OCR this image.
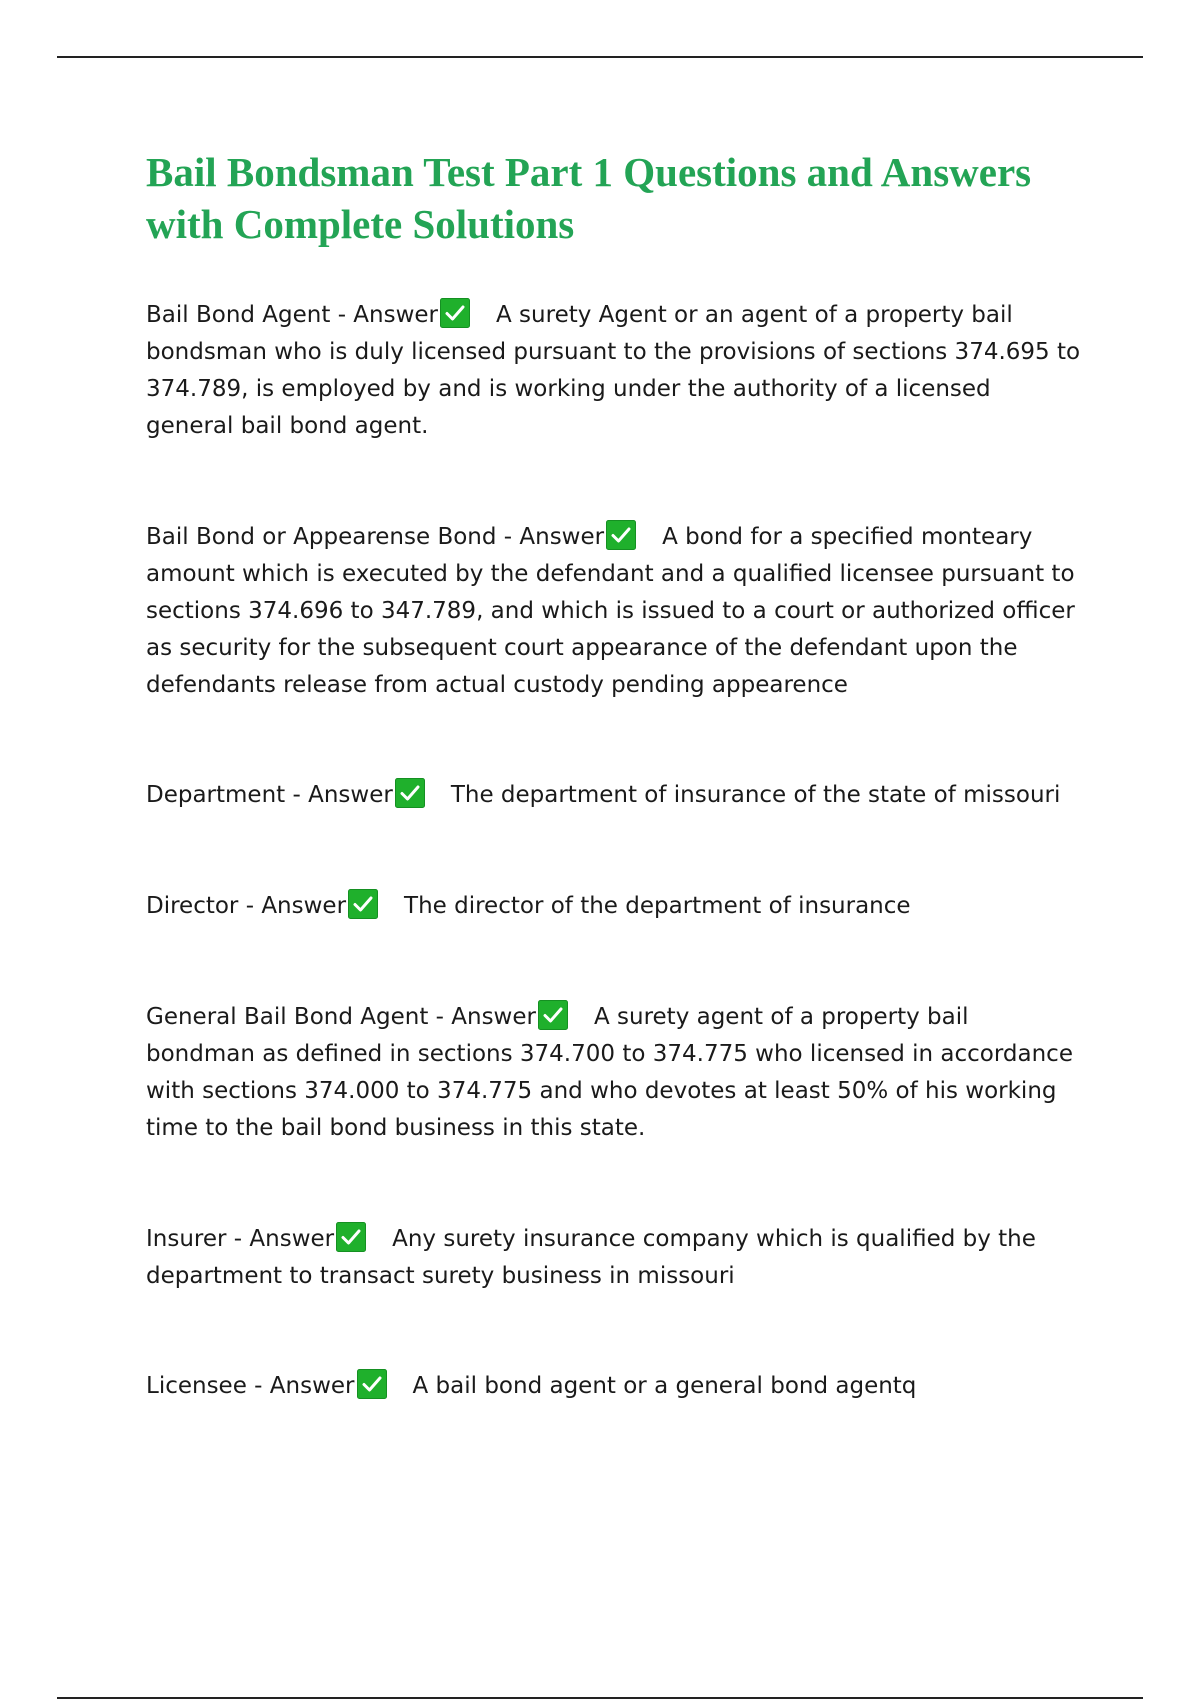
Bail Bondsman Test Part 1 Questions and Answers with Complete Solutions

Bail Bond Agent - Answer	A surety Agent or an agent of a property bail bondsman who is duly licensed pursuant to the provisions of sections 374.695 to 374.789, is employed by and is working under the authority of a licensed general bail bond agent.

Bail Bond or Appearense Bond - Answer	A bond for a specified monteary amount which is executed by the defendant and a qualified licensee pursuant to sections 374.696 to 347.789, and which is issued to a court or authorized officer as security for the subsequent court appearance of the defendant upon the defendants release from actual custody pending appearence

Department - Answer	The department of insurance of the state of missouri

Director - Answer	The director of the department of insurance

General Bail Bond Agent - Answer	A surety agent of a property bail bondman as defined in sections 374.700 to 374.775 who licensed in accordance with sections 374.000 to 374.775 and who devotes at least 50% of his working time to the bail bond business in this state.

Insurer - Answer	Any surety insurance company which is qualified by the department to transact surety business in missouri

Licensee - Answer	A bail bond agent or a general bond agentq
